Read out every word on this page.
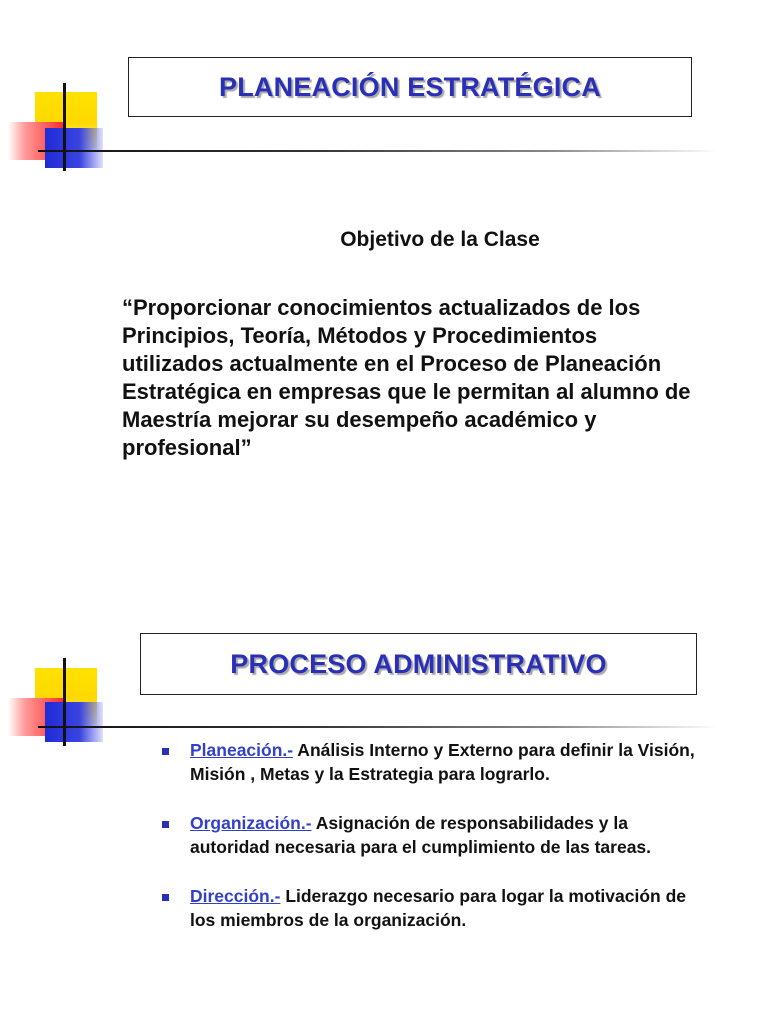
PLANEACIÓN ESTRATÉGICA
Objetivo de la Clase
“Proporcionar conocimientos actualizados de los Principios, Teoría, Métodos y Procedimientos utilizados actualmente en el Proceso de Planeación Estratégica en empresas que le permitan al alumno de Maestría mejorar su desempeño académico y profesional”
PROCESO ADMINISTRATIVO
Planeación.- Análisis Interno y Externo para definir la Visión, Misión , Metas y la Estrategia para lograrlo.
Organización.- Asignación de responsabilidades y la autoridad necesaria para el cumplimiento de las tareas.
Dirección.- Liderazgo necesario para logar la motivación de los miembros de la organización.
